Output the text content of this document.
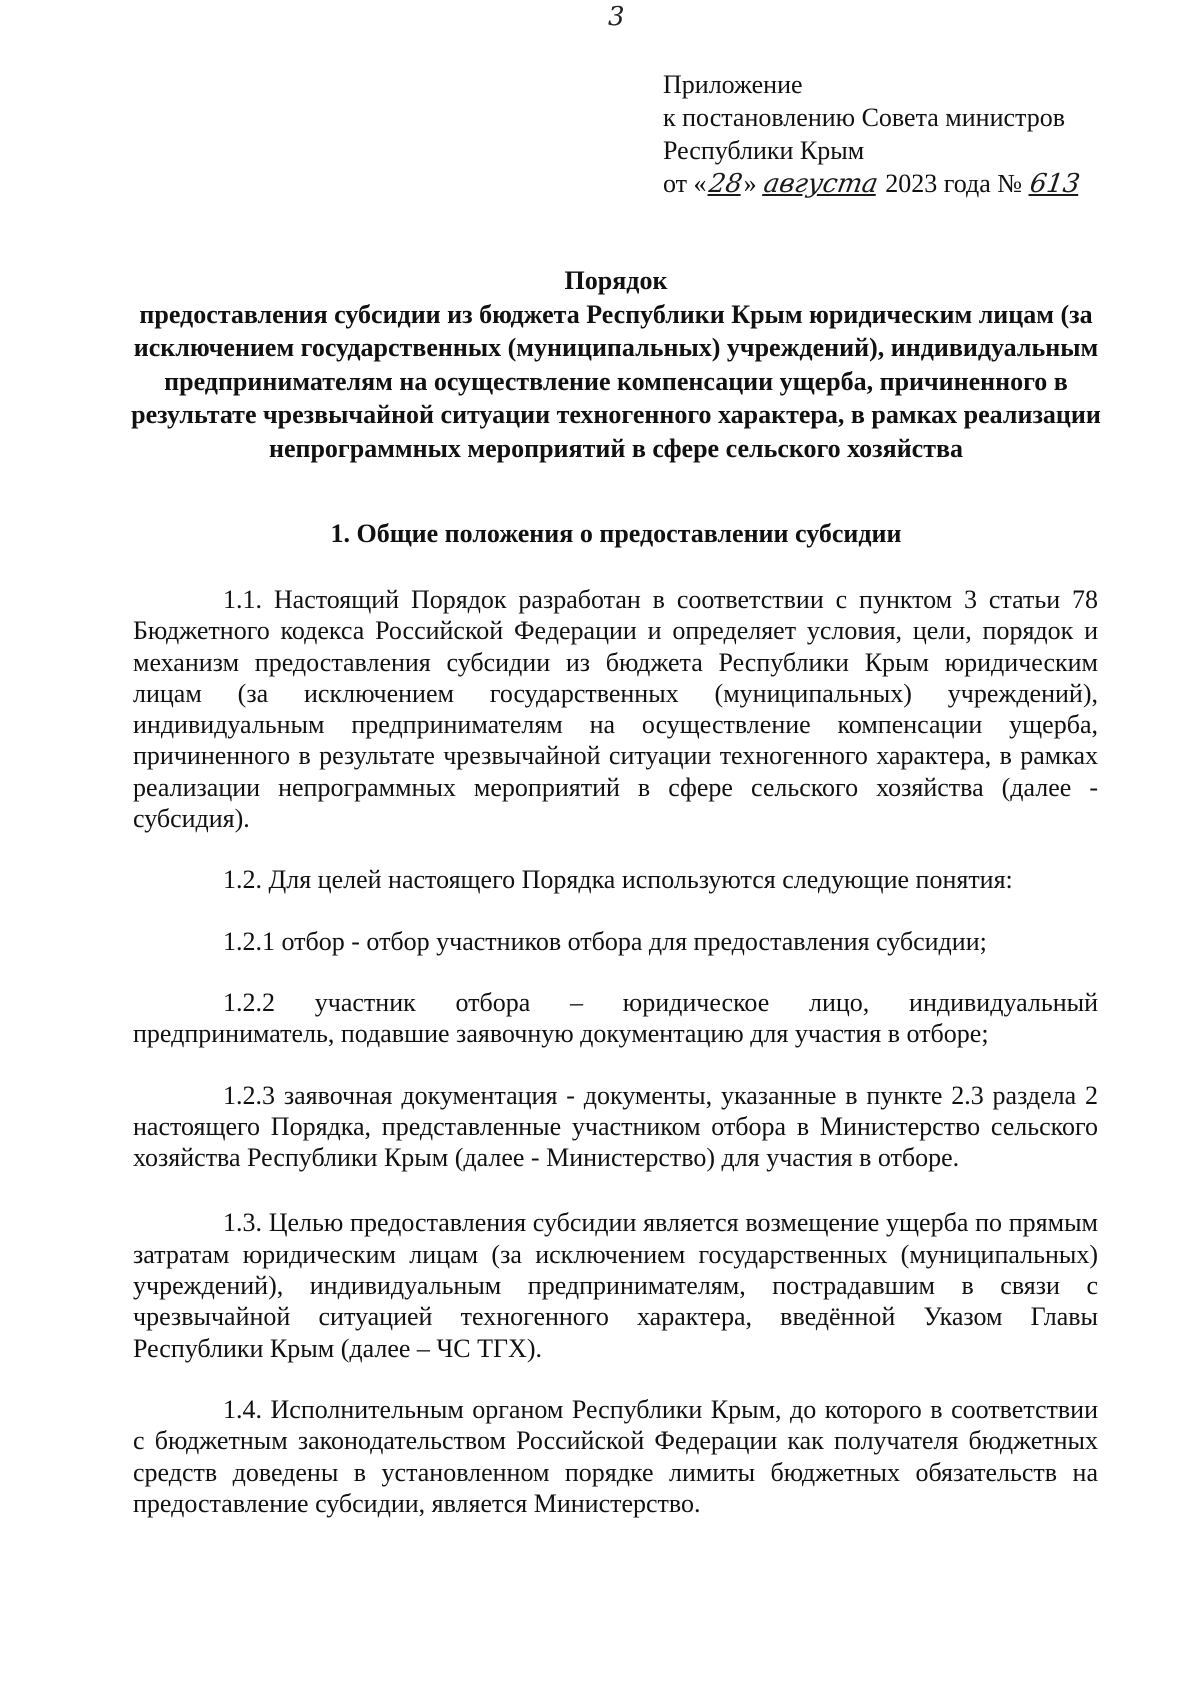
3
Приложение
к постановлению Совета министров
Республики Крым
от «28» августа 2023 года № 613
Порядок
предоставления субсидии из бюджета Республики Крым юридическим лицам (за исключением государственных (муниципальных) учреждений), индивидуальным предпринимателям на осуществление компенсации ущерба, причиненного в результате чрезвычайной ситуации техногенного характера, в рамках реализации непрограммных мероприятий в сфере сельского хозяйства
1. Общие положения о предоставлении субсидии

1.1. Настоящий Порядок разработан в соответствии с пунктом 3 статьи 78 Бюджетного кодекса Российской Федерации и определяет условия, цели, порядок и механизм предоставления субсидии из бюджета Республики Крым юридическим лицам (за исключением государственных (муниципальных) учреждений), индивидуальным предпринимателям на осуществление компенсации ущерба, причиненного в результате чрезвычайной ситуации техногенного характера, в рамках реализации непрограммных мероприятий в сфере сельского хозяйства (далее - субсидия).

1.2. Для целей настоящего Порядка используются следующие понятия:

1.2.1 отбор - отбор участников отбора для предоставления субсидии;

1.2.2 участник отбора – юридическое лицо, индивидуальный предприниматель, подавшие заявочную документацию для участия в отборе;

1.2.3 заявочная документация - документы, указанные в пункте 2.3 раздела 2 настоящего Порядка, представленные участником отбора в Министерство сельского хозяйства Республики Крым (далее - Министерство) для участия в отборе.

1.3. Целью предоставления субсидии является возмещение ущерба по прямым затратам юридическим лицам (за исключением государственных (муниципальных) учреждений), индивидуальным предпринимателям, пострадавшим в связи с чрезвычайной ситуацией техногенного характера, введённой Указом Главы Республики Крым (далее – ЧС ТГХ).

1.4. Исполнительным органом Республики Крым, до которого в соответствии с бюджетным законодательством Российской Федерации как получателя бюджетных средств доведены в установленном порядке лимиты бюджетных обязательств на предоставление субсидии, является Министерство.
